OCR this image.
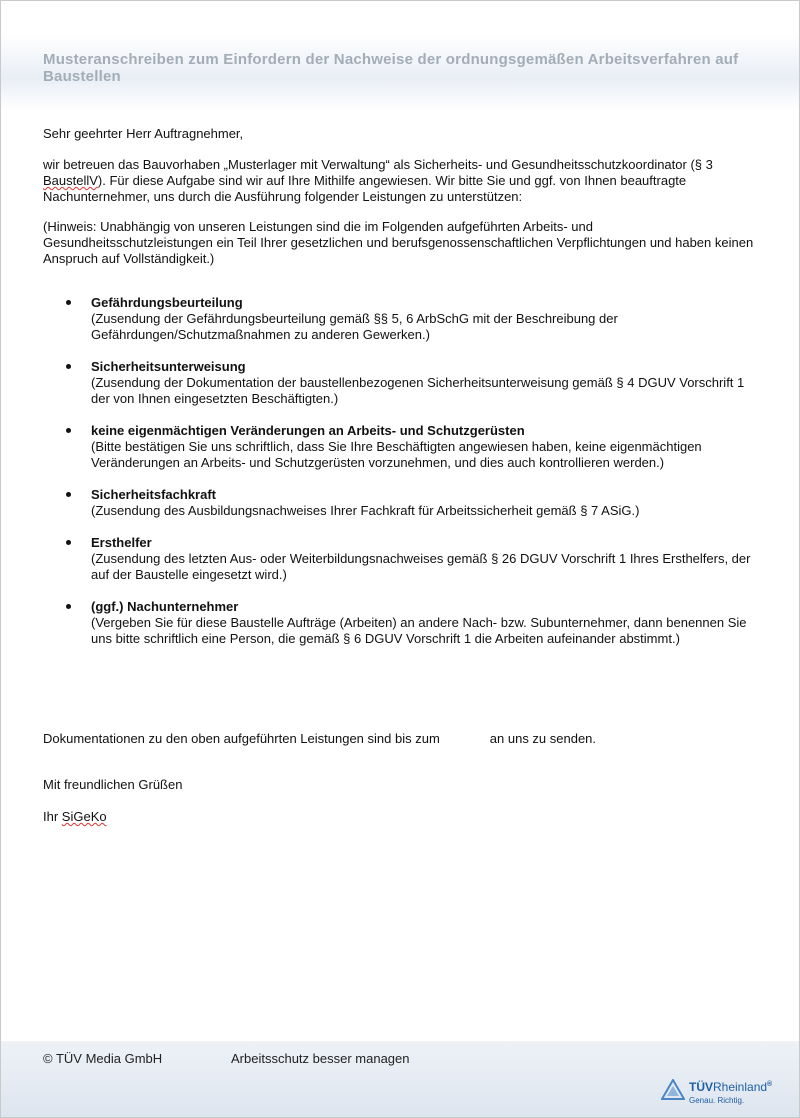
Musteranschreiben zum Einfordern der Nachweise der ordnungsgemäßen Arbeitsverfahren auf Baustellen
Sehr geehrter Herr Auftragnehmer,
wir betreuen das Bauvorhaben „Musterlager mit Verwaltung“ als Sicherheits- und Gesundheitsschutzkoordinator (§ 3 BaustellV). Für diese Aufgabe sind wir auf Ihre Mithilfe angewiesen. Wir bitte Sie und ggf. von Ihnen beauftragte Nachunternehmer, uns durch die Ausführung folgender Leistungen zu unterstützen:
(Hinweis: Unabhängig von unseren Leistungen sind die im Folgenden aufgeführten Arbeits- und Gesundheitsschutzleistungen ein Teil Ihrer gesetzlichen und berufsgenossenschaftlichen Verpflichtungen und haben keinen Anspruch auf Vollständigkeit.)
Gefährdungsbeurteilung
(Zusendung der Gefährdungsbeurteilung gemäß §§ 5, 6 ArbSchG mit der Beschreibung der Gefährdungen/Schutzmaßnahmen zu anderen Gewerken.)
Sicherheitsunterweisung
(Zusendung der Dokumentation der baustellenbezogenen Sicherheitsunterweisung gemäß § 4 DGUV Vorschrift 1 der von Ihnen eingesetzten Beschäftigten.)
keine eigenmächtigen Veränderungen an Arbeits- und Schutzgerüsten
(Bitte bestätigen Sie uns schriftlich, dass Sie Ihre Beschäftigten angewiesen haben, keine eigenmächtigen Veränderungen an Arbeits- und Schutzgerüsten vorzunehmen, und dies auch kontrollieren werden.)
Sicherheitsfachkraft
(Zusendung des Ausbildungsnachweises Ihrer Fachkraft für Arbeitssicherheit gemäß § 7 ASiG.)
Ersthelfer
(Zusendung des letzten Aus- oder Weiterbildungsnachweises gemäß § 26 DGUV Vorschrift 1 Ihres Ersthelfers, der auf der Baustelle eingesetzt wird.)
(ggf.) Nachunternehmer
(Vergeben Sie für diese Baustelle Aufträge (Arbeiten) an andere Nach- bzw. Subunternehmer, dann benennen Sie uns bitte schriftlich eine Person, die gemäß § 6 DGUV Vorschrift 1 die Arbeiten aufeinander abstimmt.)
Dokumentationen zu den oben aufgeführten Leistungen sind bis zum	an uns zu senden.
Mit freundlichen Grüßen
Ihr SiGeKo
© TÜV Media GmbH	Arbeitsschutz besser managen
TÜVRheinland®
Genau. Richtig.
